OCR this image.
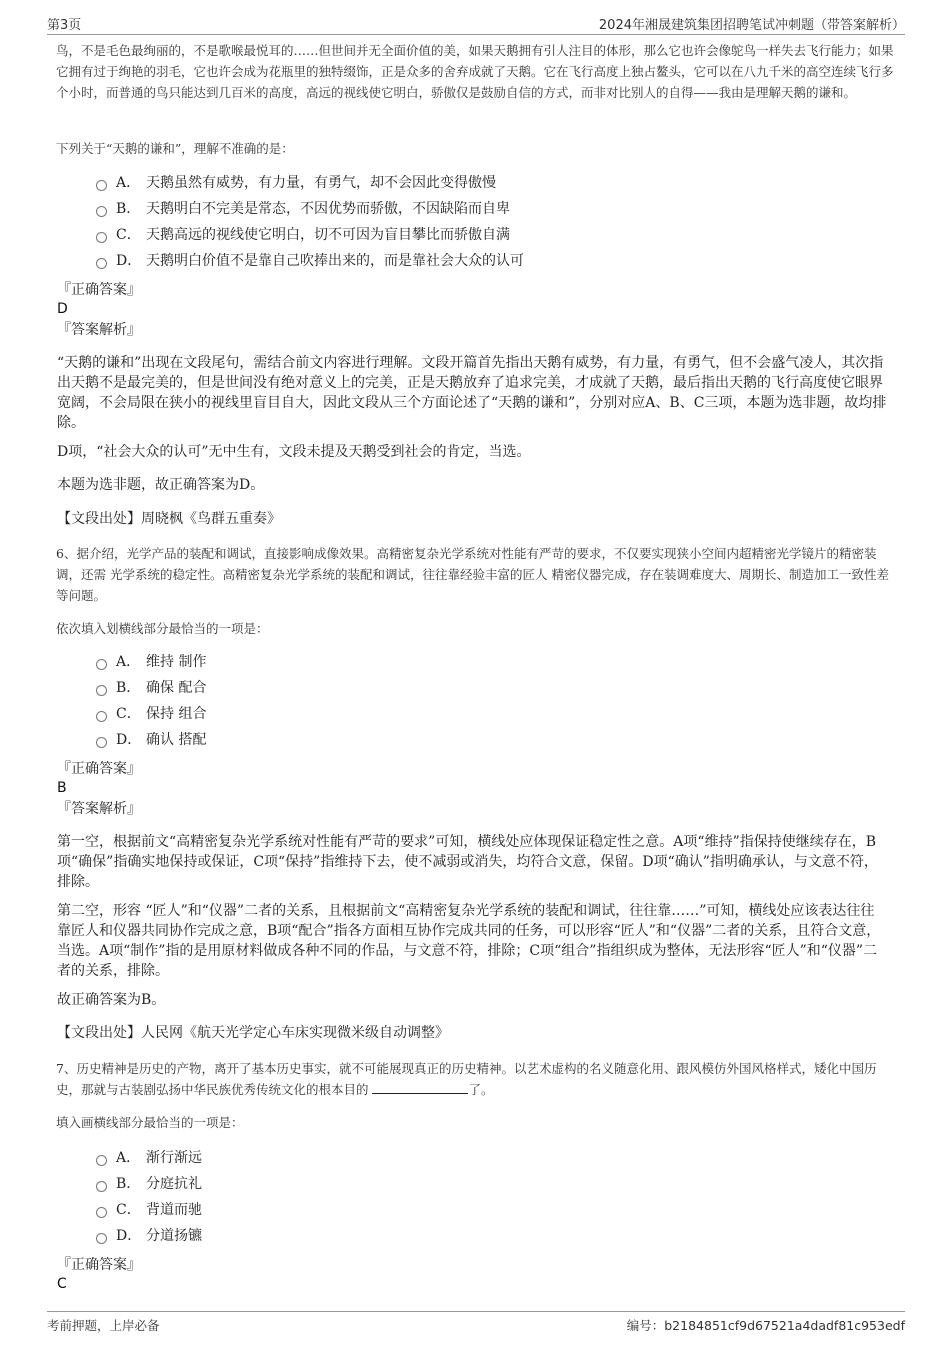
第3页	2024年湘晟建筑集团招聘笔试冲刺题（带答案解析）
鸟，不是毛色最绚丽的，不是歌喉最悦耳的……但世间并无全面价值的美，如果天鹅拥有引人注目的体形，那么它也许会像鸵鸟一样失去飞行能力；如果它拥有过于绚艳的羽毛，它也许会成为花瓶里的独特缀饰，正是众多的舍弃成就了天鹅。它在飞行高度上独占鳌头，它可以在八九千米的高空连续飞行多个小时，而普通的鸟只能达到几百米的高度，高远的视线使它明白，骄傲仅是鼓励自信的方式，而非对比别人的自得——我由是理解天鹅的谦和。
下列关于“天鹅的谦和”，理解不准确的是：
A． 天鹅虽然有威势，有力量，有勇气，却不会因此变得傲慢
B． 天鹅明白不完美是常态，不因优势而骄傲，不因缺陷而自卑
C． 天鹅高远的视线使它明白，切不可因为盲目攀比而骄傲自满
D． 天鹅明白价值不是靠自己吹捧出来的，而是靠社会大众的认可
『正确答案』
D
『答案解析』
“天鹅的谦和”出现在文段尾句，需结合前文内容进行理解。文段开篇首先指出天鹅有威势，有力量，有勇气，但不会盛气凌人，其次指出天鹅不是最完美的，但是世间没有绝对意义上的完美，正是天鹅放弃了追求完美，才成就了天鹅，最后指出天鹅的飞行高度使它眼界宽阔，不会局限在狭小的视线里盲目自大，因此文段从三个方面论述了“天鹅的谦和”，分别对应A、B、C三项，本题为选非题，故均排除。
D项，“社会大众的认可”无中生有，文段未提及天鹅受到社会的肯定，当选。
本题为选非题，故正确答案为D。
【文段出处】周晓枫《鸟群五重奏》
6、据介绍，光学产品的装配和调试，直接影响成像效果。高精密复杂光学系统对性能有严苛的要求，不仅要实现狭小空间内超精密光学镜片的精密装调，还需 光学系统的稳定性。高精密复杂光学系统的装配和调试，往往靠经验丰富的匠人 精密仪器完成，存在装调难度大、周期长、制造加工一致性差等问题。
依次填入划横线部分最恰当的一项是：
A． 维持 制作
B． 确保 配合
C． 保持 组合
D． 确认 搭配
『正确答案』
B
『答案解析』
第一空，根据前文“高精密复杂光学系统对性能有严苛的要求”可知，横线处应体现保证稳定性之意。A项“维持”指保持使继续存在，B项“确保”指确实地保持或保证，C项“保持”指维持下去，使不减弱或消失，均符合文意，保留。D项“确认”指明确承认，与文意不符，排除。
第二空，形容 “匠人”和“仪器”二者的关系，且根据前文“高精密复杂光学系统的装配和调试，往往靠……”可知，横线处应该表达往往靠匠人和仪器共同协作完成之意，B项“配合”指各方面相互协作完成共同的任务，可以形容“匠人”和“仪器”二者的关系，且符合文意，当选。A项“制作”指的是用原材料做成各种不同的作品，与文意不符，排除；C项“组合”指组织成为整体，无法形容“匠人”和“仪器”二者的关系，排除。
故正确答案为B。
【文段出处】人民网《航天光学定心车床实现微米级自动调整》
7、历史精神是历史的产物，离开了基本历史事实，就不可能展现真正的历史精神。以艺术虚构的名义随意化用、跟风模仿外国风格样式，矮化中国历史，那就与古装剧弘扬中华民族优秀传统文化的根本目的	了。
填入画横线部分最恰当的一项是：
A． 渐行渐远
B． 分庭抗礼
C． 背道而驰
D． 分道扬镳
『正确答案』
C
考前押题，上岸必备	编号：b2184851cf9d67521a4dadf81c953edf
